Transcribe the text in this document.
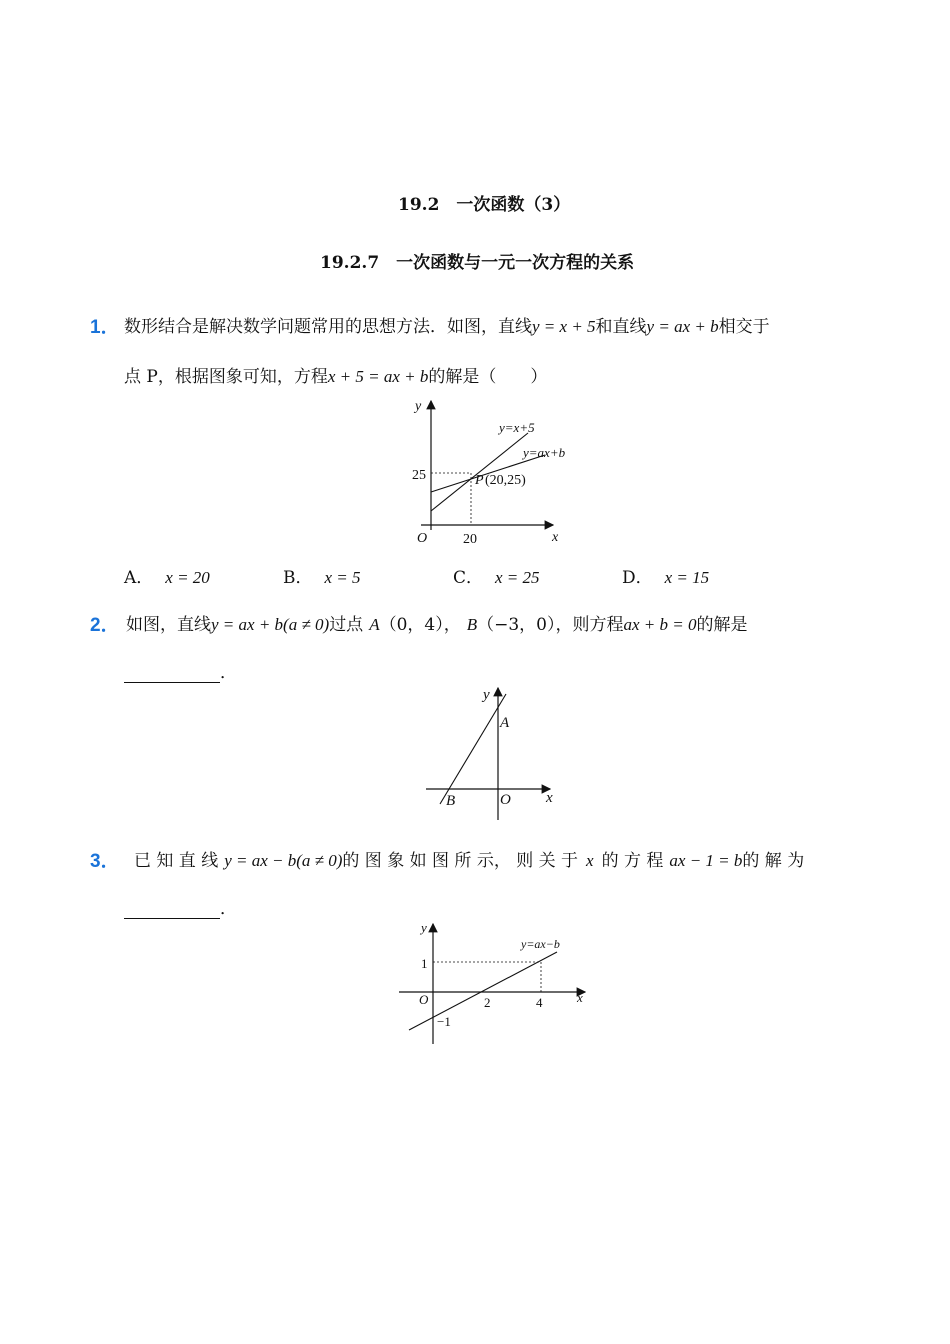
19.2　一次函数（3）
19.2.7　一次函数与一元一次方程的关系
1． 数形结合是解决数学问题常用的思想方法．如图，直线y = x + 5和直线y = ax + b相交于
点 P，根据图象可知，方程x + 5 = ax + b的解是（　　）
y
x
O
y=x+5
y=ax+b
25
20
P (20,25)
A． x = 20	B． x = 5	C． x = 25	D． x = 15
2． 如图，直线y = ax + b(a ≠ 0)过点 A（0，4）， B（−3，0），则方程ax + b = 0的解是
．
y
x
O
A
B
3． 已 知 直 线 y = ax − b(a ≠ 0)的 图 象 如 图 所 示， 则 关 于 x 的 方 程 ax − 1 = b的 解 为
．
y
x
O
y=ax−b
1
−1
2	4
